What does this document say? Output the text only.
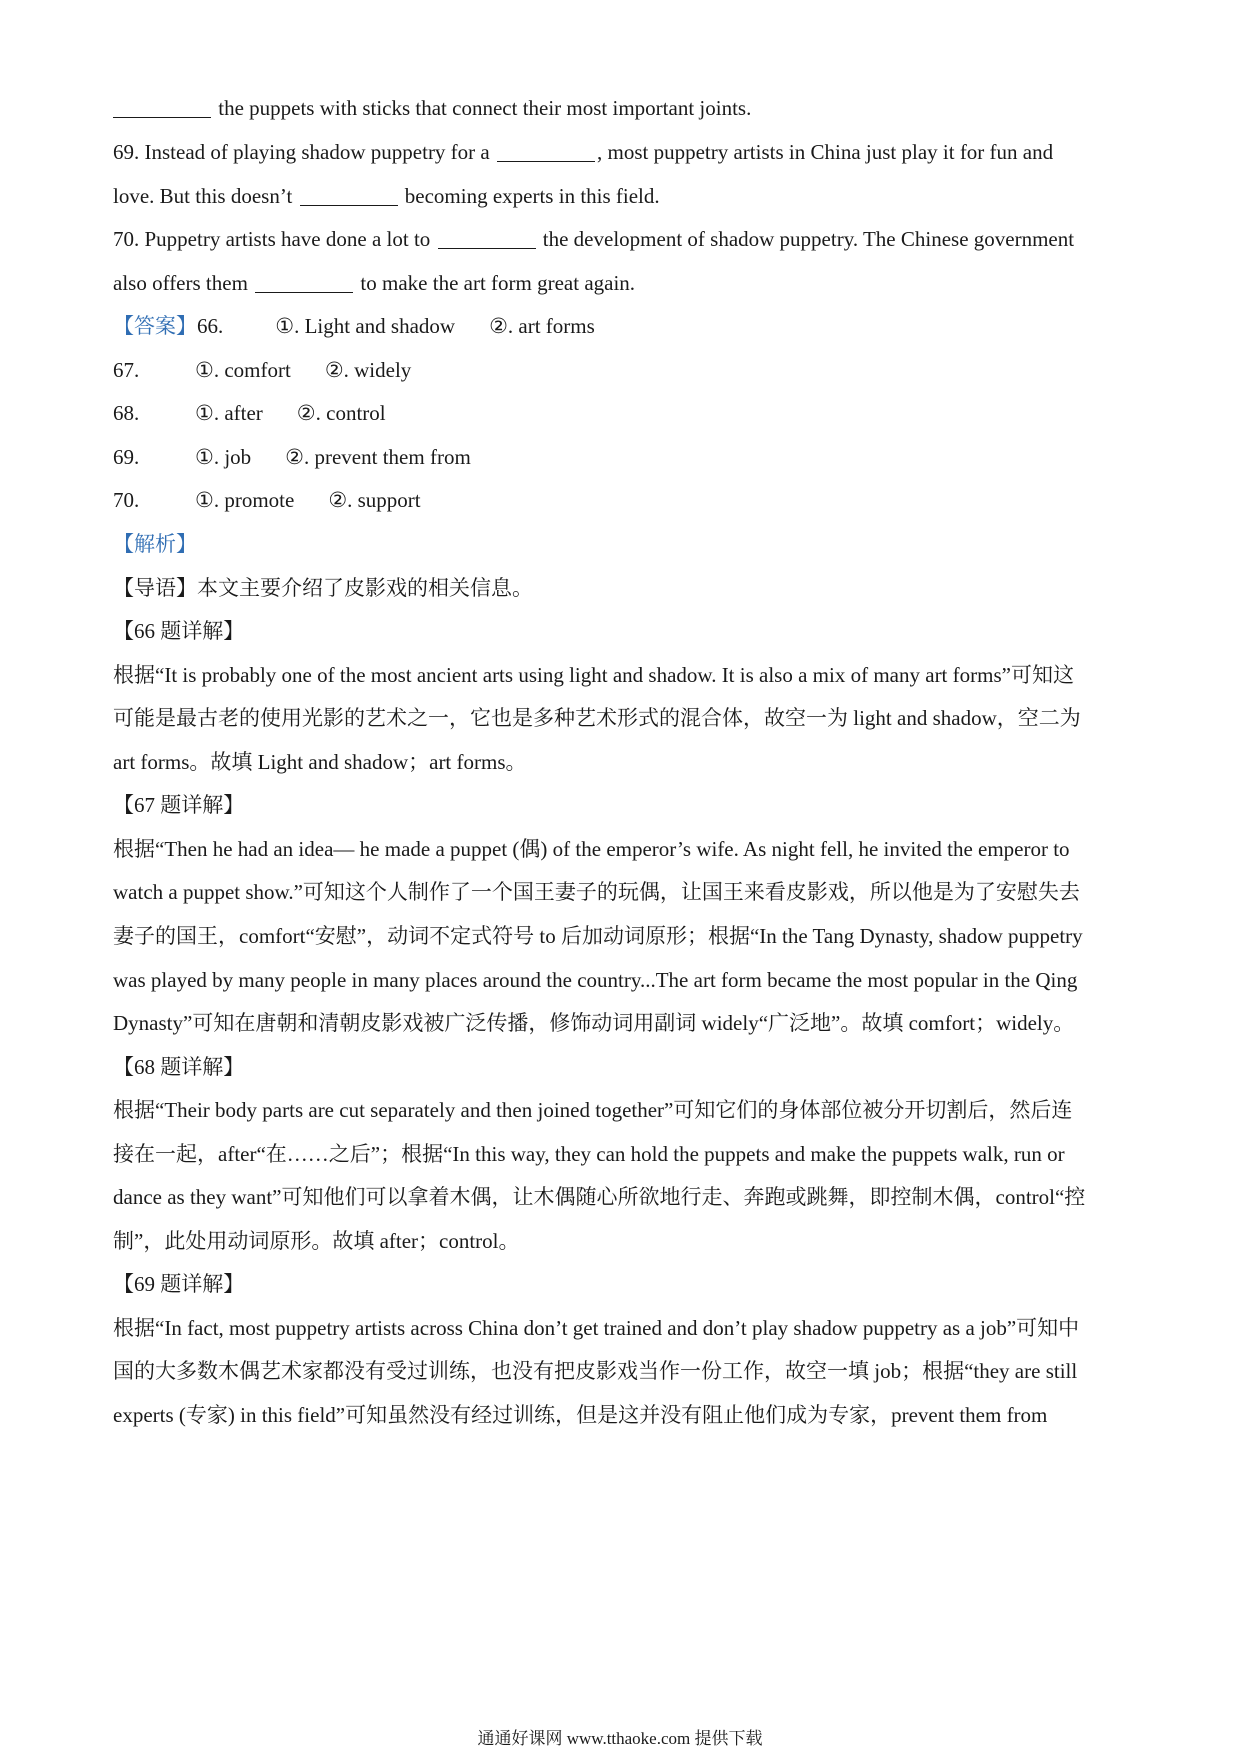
the puppets with sticks that connect their most important joints.
69. Instead of playing shadow puppetry for a	, most puppetry artists in China just play it for fun and
love. But this doesn’t	becoming experts in this field.
70. Puppetry artists have done a lot to	the development of shadow puppetry. The Chinese government
also offers them	to make the art form great again.
【答案】66. ①. Light and shadow ②. art forms
67.	①. comfort ②. widely
68.	①. after ②. control
69.	①. job ②. prevent them from
70.	①. promote ②. support
【解析】
【导语】本文主要介绍了皮影戏的相关信息。
【66 题详解】
根据“It is probably one of the most ancient arts using light and shadow. It is also a mix of many art forms”可知这
可能是最古老的使用光影的艺术之一，它也是多种艺术形式的混合体，故空一为 light and shadow，空二为
art forms。故填 Light and shadow；art forms。
【67 题详解】
根据“Then he had an idea— he made a puppet (偶) of the emperor’s wife. As night fell, he invited the emperor to
watch a puppet show.”可知这个人制作了一个国王妻子的玩偶，让国王来看皮影戏，所以他是为了安慰失去
妻子的国王，comfort“安慰”，动词不定式符号 to 后加动词原形；根据“In the Tang Dynasty, shadow puppetry
was played by many people in many places around the country...The art form became the most popular in the Qing
Dynasty”可知在唐朝和清朝皮影戏被广泛传播，修饰动词用副词 widely“广泛地”。故填 comfort；widely。
【68 题详解】
根据“Their body parts are cut separately and then joined together”可知它们的身体部位被分开切割后，然后连
接在一起，after“在……之后”；根据“In this way, they can hold the puppets and make the puppets walk, run or
dance as they want”可知他们可以拿着木偶，让木偶随心所欲地行走、奔跑或跳舞，即控制木偶，control“控
制”，此处用动词原形。故填 after；control。
【69 题详解】
根据“In fact, most puppetry artists across China don’t get trained and don’t play shadow puppetry as a job”可知中
国的大多数木偶艺术家都没有受过训练，也没有把皮影戏当作一份工作，故空一填 job；根据“they are still
experts (专家) in this field”可知虽然没有经过训练，但是这并没有阻止他们成为专家，prevent them from
通通好课网 www.tthaoke.com 提供下载
